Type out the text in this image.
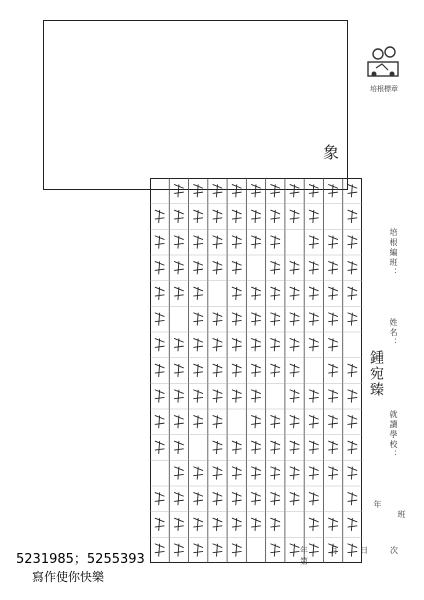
象
培根標章
培根編班：
姓名：
鍾宛臻
就讀學校：
年
班
年	月	日	次
第
5231985；5255393
寫作使你快樂
